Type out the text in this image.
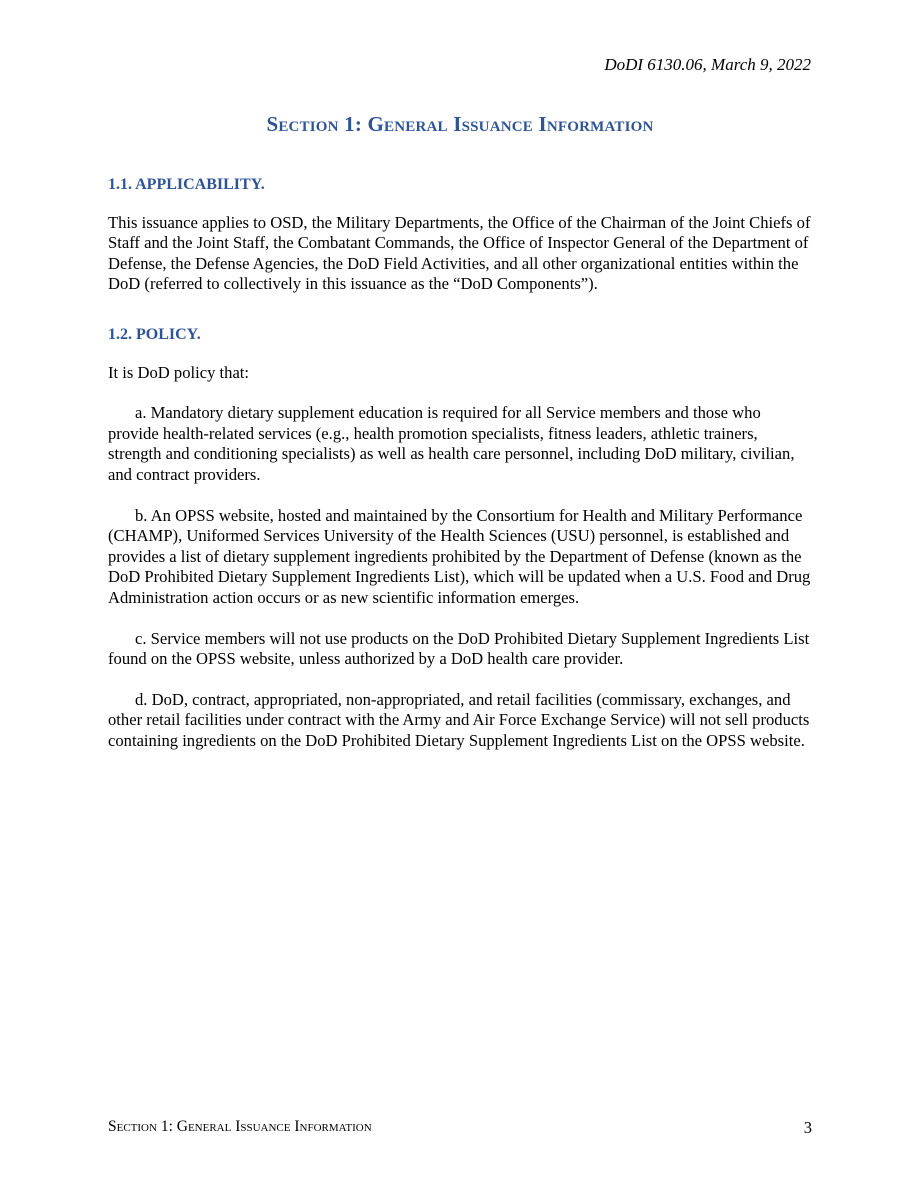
DoDI 6130.06, March 9, 2022
Section 1: General Issuance Information
1.1. APPLICABILITY.

This issuance applies to OSD, the Military Departments, the Office of the Chairman of the Joint Chiefs of Staff and the Joint Staff, the Combatant Commands, the Office of Inspector General of the Department of Defense, the Defense Agencies, the DoD Field Activities, and all other organizational entities within the DoD (referred to collectively in this issuance as the “DoD Components”).

1.2. POLICY.

It is DoD policy that:

a. Mandatory dietary supplement education is required for all Service members and those who provide health-related services (e.g., health promotion specialists, fitness leaders, athletic trainers, strength and conditioning specialists) as well as health care personnel, including DoD military, civilian, and contract providers.

b. An OPSS website, hosted and maintained by the Consortium for Health and Military Performance (CHAMP), Uniformed Services University of the Health Sciences (USU) personnel, is established and provides a list of dietary supplement ingredients prohibited by the Department of Defense (known as the DoD Prohibited Dietary Supplement Ingredients List), which will be updated when a U.S. Food and Drug Administration action occurs or as new scientific information emerges.

c. Service members will not use products on the DoD Prohibited Dietary Supplement Ingredients List found on the OPSS website, unless authorized by a DoD health care provider.

d. DoD, contract, appropriated, non-appropriated, and retail facilities (commissary, exchanges, and other retail facilities under contract with the Army and Air Force Exchange Service) will not sell products containing ingredients on the DoD Prohibited Dietary Supplement Ingredients List on the OPSS website.

Section 1: General Issuance Information	3
